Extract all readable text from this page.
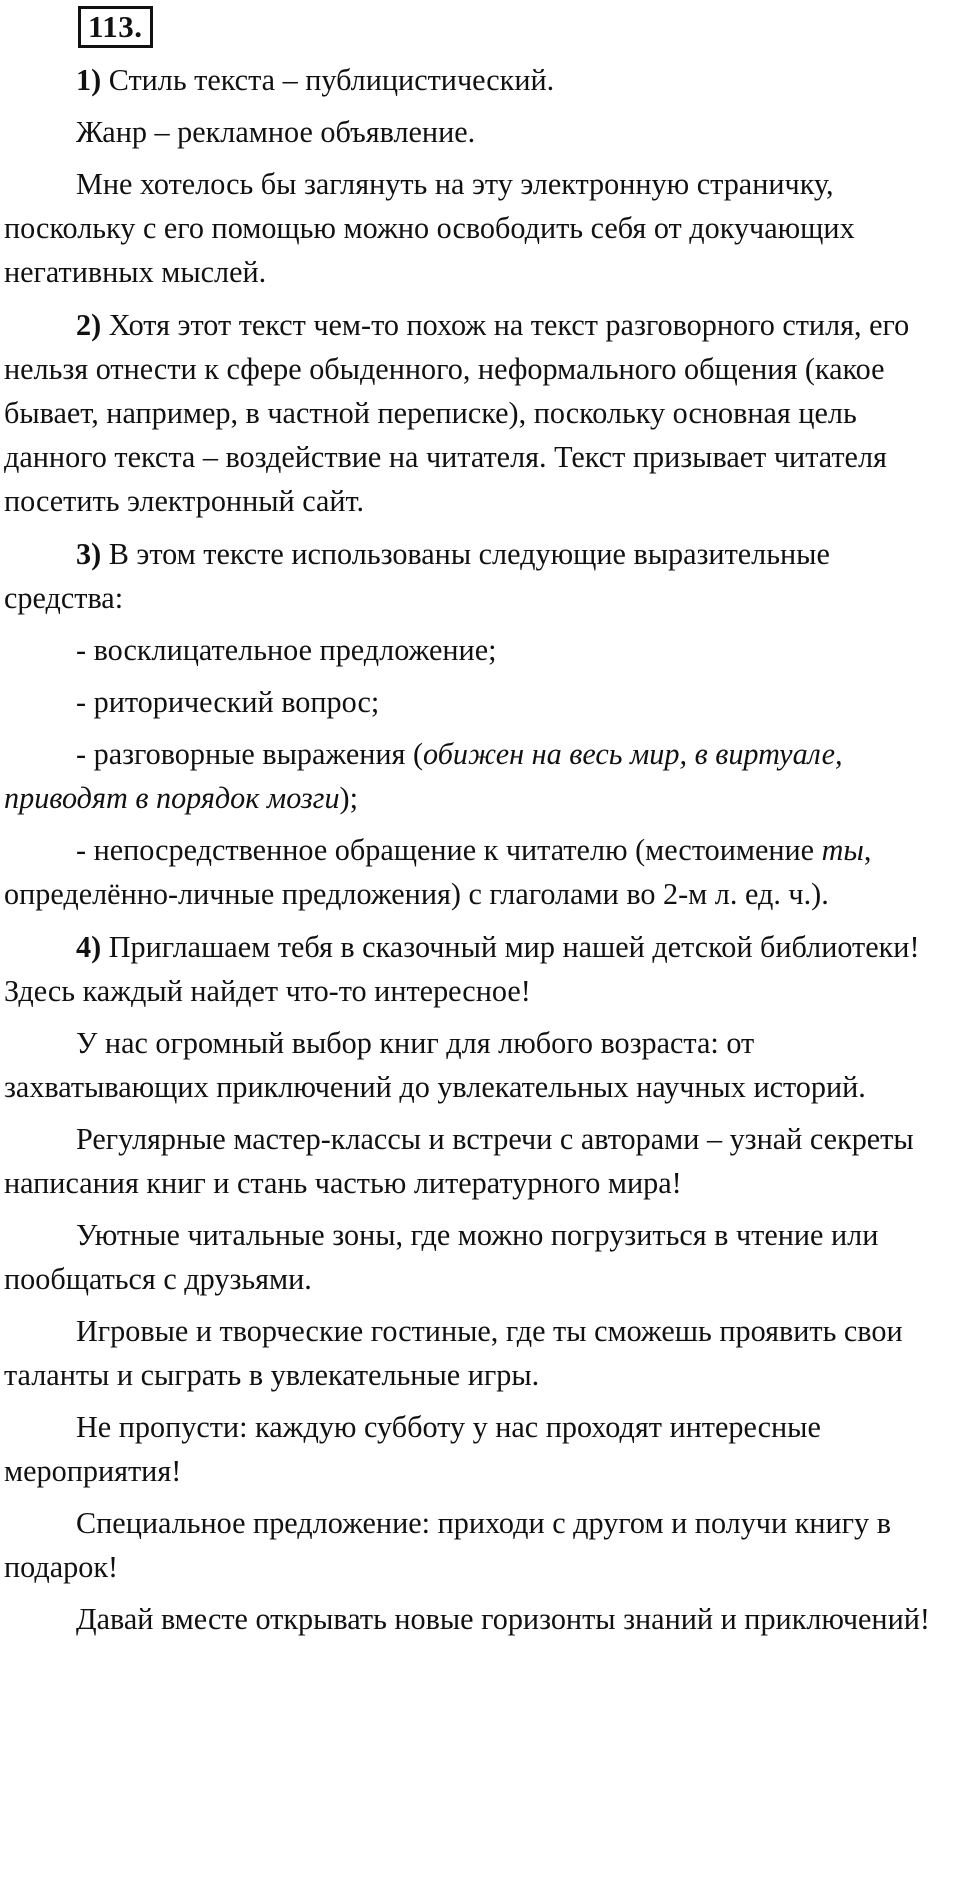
113.

1) Стиль текста – публицистический.

Жанр – рекламное объявление.

Мне хотелось бы заглянуть на эту электронную страничку, поскольку с его помощью можно освободить себя от докучающих негативных мыслей.

2) Хотя этот текст чем-то похож на текст разговорного стиля, его нельзя отнести к сфере обыденного, неформального общения (какое бывает, например, в частной переписке), поскольку основная цель данного текста – воздействие на читателя. Текст призывает читателя посетить электронный сайт.

3) В этом тексте использованы следующие выразительные средства:

- восклицательное предложение;

- риторический вопрос;

- разговорные выражения (обижен на весь мир, в виртуале, приводят в порядок мозги);

- непосредственное обращение к читателю (местоимение ты, определённо-личные предложения) с глаголами во 2-м л. ед. ч.).

4) Приглашаем тебя в сказочный мир нашей детской библиотеки! Здесь каждый найдет что-то интересное!

У нас огромный выбор книг для любого возраста: от захватывающих приключений до увлекательных научных историй.

Регулярные мастер-классы и встречи с авторами – узнай секреты написания книг и стань частью литературного мира!

Уютные читальные зоны, где можно погрузиться в чтение или пообщаться с друзьями.

Игровые и творческие гостиные, где ты сможешь проявить свои таланты и сыграть в увлекательные игры.

Не пропусти: каждую субботу у нас проходят интересные мероприятия!

Специальное предложение: приходи с другом и получи книгу в подарок!

Давай вместе открывать новые горизонты знаний и приключений!
